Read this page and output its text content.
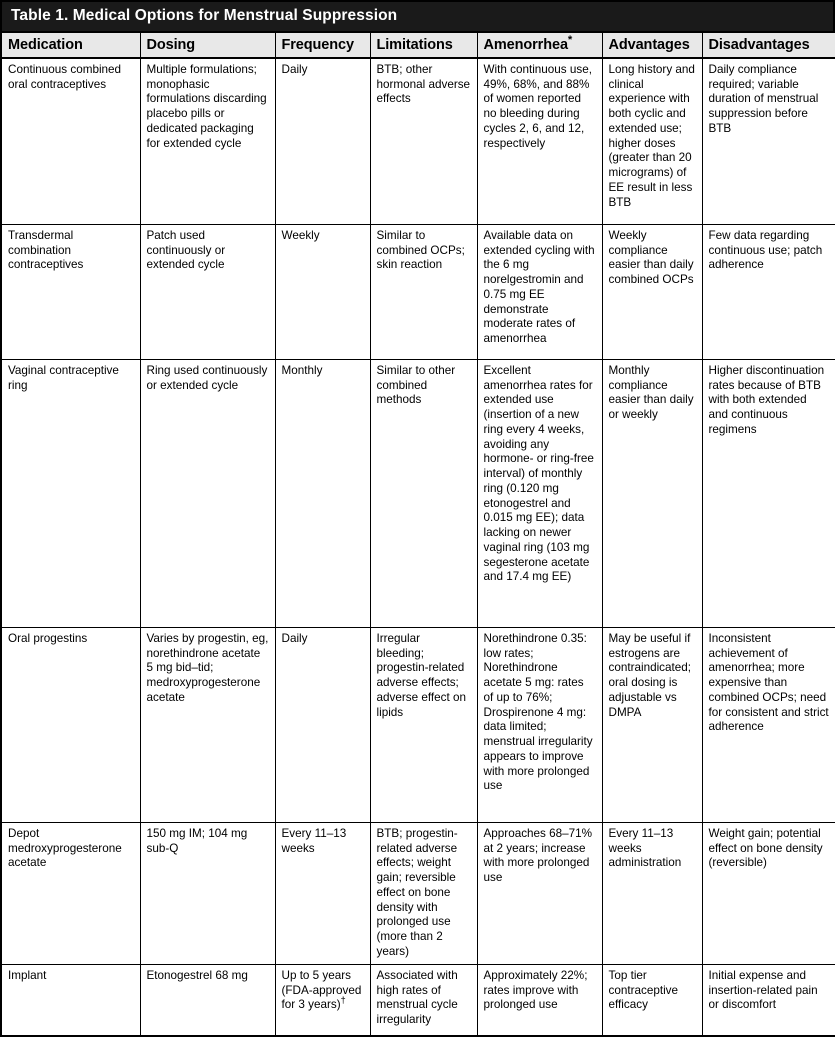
Table 1. Medical Options for Menstrual Suppression
Medication	Dosing	Frequency	Limitations	Amenorrhea*	Advantages	Disadvantages
Continuous combined oral contraceptives	Multiple formulations; monophasic formulations discarding placebo pills or dedicated packaging for extended cycle	Daily	BTB; other hormonal adverse effects	With continuous use, 49%, 68%, and 88% of women reported no bleeding during cycles 2, 6, and 12, respectively	Long history and clinical experience with both cyclic and extended use; higher doses (greater than 20 micrograms) of EE result in less BTB	Daily compliance required; variable duration of menstrual suppression before BTB
Transdermal combination contraceptives	Patch used continuously or extended cycle	Weekly	Similar to combined OCPs; skin reaction	Available data on extended cycling with the 6 mg norelgestromin and 0.75 mg EE demonstrate moderate rates of amenorrhea	Weekly compliance easier than daily combined OCPs	Few data regarding continuous use; patch adherence
Vaginal contraceptive ring	Ring used continuously or extended cycle	Monthly	Similar to other combined methods	Excellent amenorrhea rates for extended use (insertion of a new ring every 4 weeks, avoiding any hormone- or ring-free interval) of monthly ring (0.120 mg etonogestrel and 0.015 mg EE); data lacking on newer vaginal ring (103 mg segesterone acetate and 17.4 mg EE)	Monthly compliance easier than daily or weekly	Higher discontinuation rates because of BTB with both extended and continuous regimens
Oral progestins	Varies by progestin, eg, norethindrone acetate 5 mg bid–tid; medroxyprogesterone acetate	Daily	Irregular bleeding; progestin-related adverse effects; adverse effect on lipids	Norethindrone 0.35: low rates; Norethindrone acetate 5 mg: rates of up to 76%; Drospirenone 4 mg: data limited; menstrual irregularity appears to improve with more prolonged use	May be useful if estrogens are contraindicated; oral dosing is adjustable vs DMPA	Inconsistent achievement of amenorrhea; more expensive than combined OCPs; need for consistent and strict adherence
Depot medroxyprogesterone acetate	150 mg IM; 104 mg sub-Q	Every 11–13 weeks	BTB; progestin-related adverse effects; weight gain; reversible effect on bone density with prolonged use (more than 2 years)	Approaches 68–71% at 2 years; increase with more prolonged use	Every 11–13 weeks administration	Weight gain; potential effect on bone density (reversible)
Implant	Etonogestrel 68 mg	Up to 5 years (FDA-approved for 3 years)†	Associated with high rates of menstrual cycle irregularity	Approximately 22%; rates improve with prolonged use	Top tier contraceptive efficacy	Initial expense and insertion-related pain or discomfort
